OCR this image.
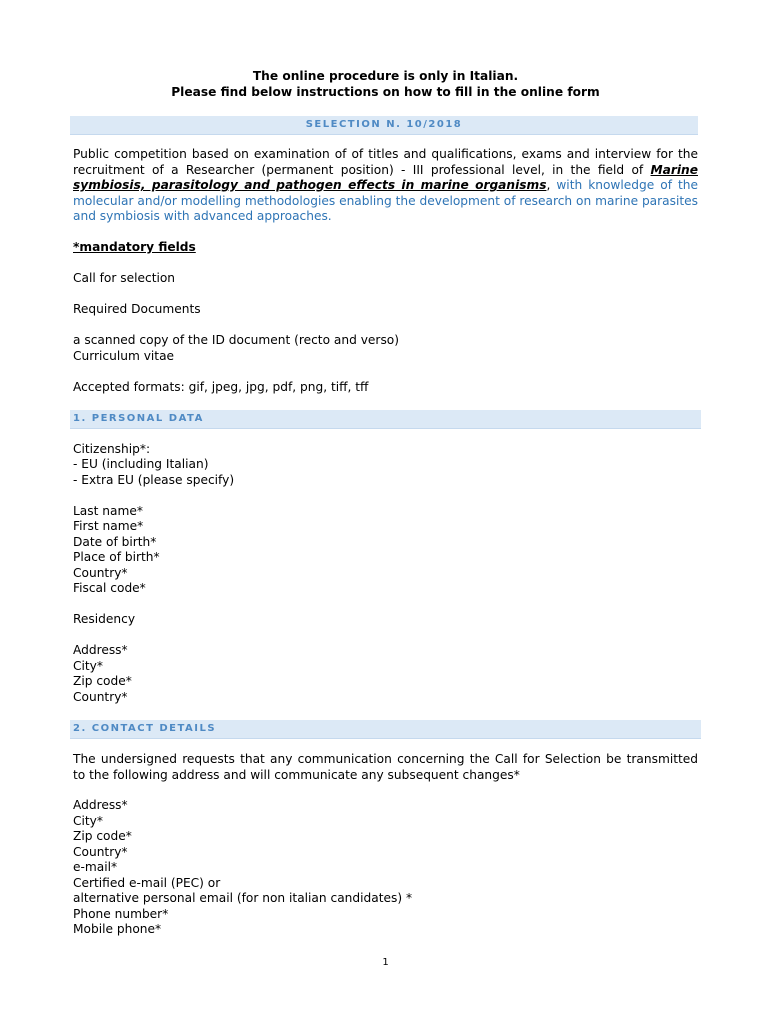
The online procedure is only in Italian.
Please find below instructions on how to fill in the online form
SELECTION N. 10/2018
Public competition based on examination of of titles and qualifications, exams and interview for the recruitment of a Researcher (permanent position) - III professional level, in the field of Marine symbiosis, parasitology and pathogen effects in marine organisms, with knowledge of the molecular and/or modelling methodologies enabling the development of research on marine parasites and symbiosis with advanced approaches.
*mandatory fields
Call for selection
Required Documents
a scanned copy of the ID document (recto and verso)
Curriculum vitae
Accepted formats: gif, jpeg, jpg, pdf, png, tiff, tff
1. PERSONAL DATA
Citizenship*:
- EU (including Italian)
- Extra EU (please specify)
Last name*
First name*
Date of birth*
Place of birth*
Country*
Fiscal code*
Residency
Address*
City*
Zip code*
Country*
2. CONTACT DETAILS
The undersigned requests that any communication concerning the Call for Selection be transmitted to the following address and will communicate any subsequent changes*
Address*
City*
Zip code*
Country*
e-mail*
Certified e-mail (PEC) or
alternative personal email (for non italian candidates) *
Phone number*
Mobile phone*
1
